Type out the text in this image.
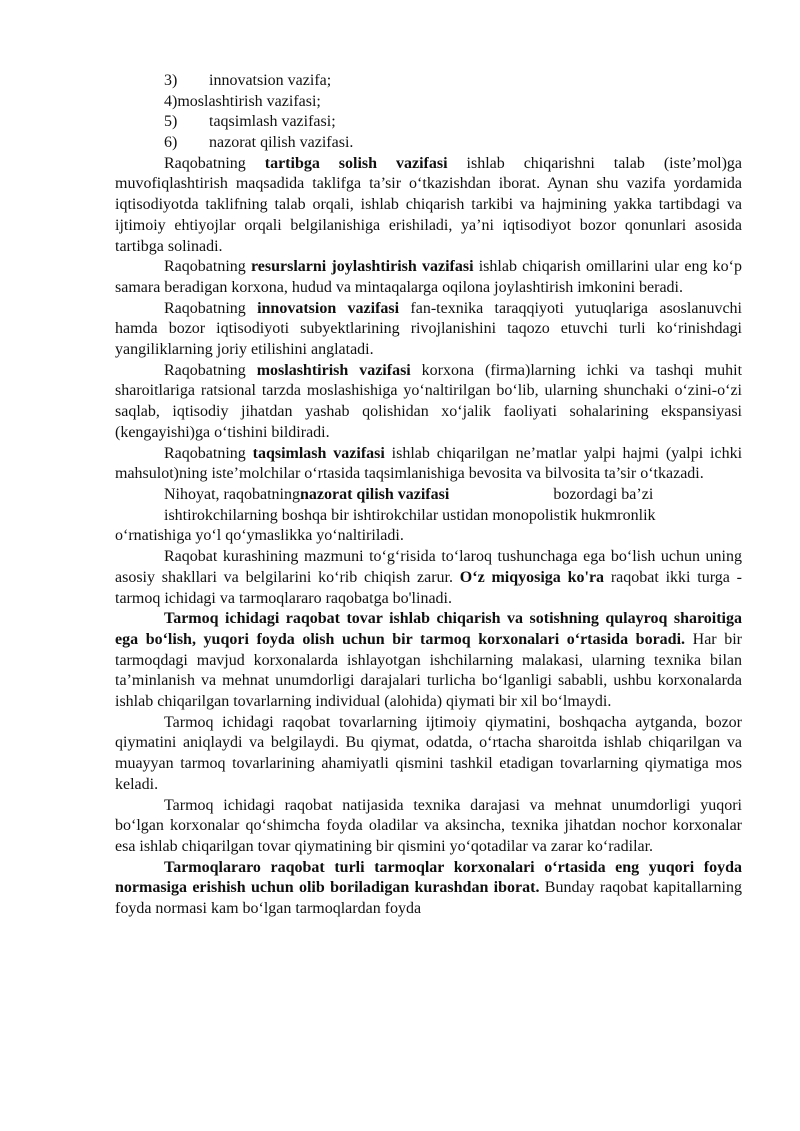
3)	innovatsion vazifa;
4) moslashtirish vazifasi;
5)	taqsimlash vazifasi;
6)	nazorat qilish vazifasi.

Raqobatning tartibga solish vazifasi ishlab chiqarishni talab (iste’mol)ga muvofiqlashtirish maqsadida taklifga ta’sir o‘tkazishdan iborat. Aynan shu vazifa yordamida iqtisodiyotda taklifning talab orqali, ishlab chiqarish tarkibi va hajmining yakka tartibdagi va ijtimoiy ehtiyojlar orqali belgilanishiga erishiladi, ya’ni iqtisodiyot bozor qonunlari asosida tartibga solinadi.

Raqobatning resurslarni joylashtirish vazifasi ishlab chiqarish omillarini ular eng ko‘p samara beradigan korxona, hudud va mintaqalarga oqilona joylashtirish imkonini beradi.

Raqobatning innovatsion vazifasi fan-texnika taraqqiyoti yutuqlariga asoslanuvchi hamda bozor iqtisodiyoti subyektlarining rivojlanishini taqozo etuvchi turli ko‘rinishdagi yangiliklarning joriy etilishini anglatadi.

Raqobatning moslashtirish vazifasi korxona (firma)larning ichki va tashqi muhit sharoitlariga ratsional tarzda moslashishiga yo‘naltirilgan bo‘lib, ularning shunchaki o‘zini-o‘zi saqlab, iqtisodiy jihatdan yashab qolishidan xo‘jalik faoliyati sohalarining ekspansiyasi (kengayishi)ga o‘tishini bildiradi.

Raqobatning taqsimlash vazifasi ishlab chiqarilgan ne’matlar yalpi hajmi (yalpi ichki mahsulot)ning iste’molchilar o‘rtasida taqsimlanishiga bevosita va bilvosita ta’sir o‘tkazadi.

Nihoyat, raqobatning nazorat qilish vazifasi	bozordagi ba’zi
ishtirokchilarning boshqa bir ishtirokchilar ustidan monopolistik hukmronlik
o‘rnatishiga yo‘l qo‘ymaslikka yo‘naltiriladi.

Raqobat kurashining mazmuni to‘g‘risida to‘laroq tushunchaga ega bo‘lish uchun uning asosiy shakllari va belgilarini ko‘rib chiqish zarur. O‘z miqyosiga ko'ra raqobat ikki turga - tarmoq ichidagi va tarmoqlararo raqobatga bo'linadi.

Tarmoq ichidagi raqobat tovar ishlab chiqarish va sotishning qulayroq sharoitiga ega bo‘lish, yuqori foyda olish uchun bir tarmoq korxonalari o‘rtasida boradi. Har bir tarmoqdagi mavjud korxonalarda ishlayotgan ishchilarning malakasi, ularning texnika bilan ta’minlanish va mehnat unumdorligi darajalari turlicha bo‘lganligi sababli, ushbu korxonalarda ishlab chiqarilgan tovarlarning individual (alohida) qiymati bir xil bo‘lmaydi.

Tarmoq ichidagi raqobat tovarlarning ijtimoiy qiymatini, boshqacha aytganda, bozor qiymatini aniqlaydi va belgilaydi. Bu qiymat, odatda, o‘rtacha sharoitda ishlab chiqarilgan va muayyan tarmoq tovarlarining ahamiyatli qismini tashkil etadigan tovarlarning qiymatiga mos keladi.

Tarmoq ichidagi raqobat natijasida texnika darajasi va mehnat unumdorligi yuqori bo‘lgan korxonalar qo‘shimcha foyda oladilar va aksincha, texnika jihatdan nochor korxonalar esa ishlab chiqarilgan tovar qiymatining bir qismini yo‘qotadilar va zarar ko‘radilar.

Tarmoqlararo raqobat turli tarmoqlar korxonalari o‘rtasida eng yuqori foyda normasiga erishish uchun olib boriladigan kurashdan iborat. Bunday raqobat kapitallarning foyda normasi kam bo‘lgan tarmoqlardan foyda
